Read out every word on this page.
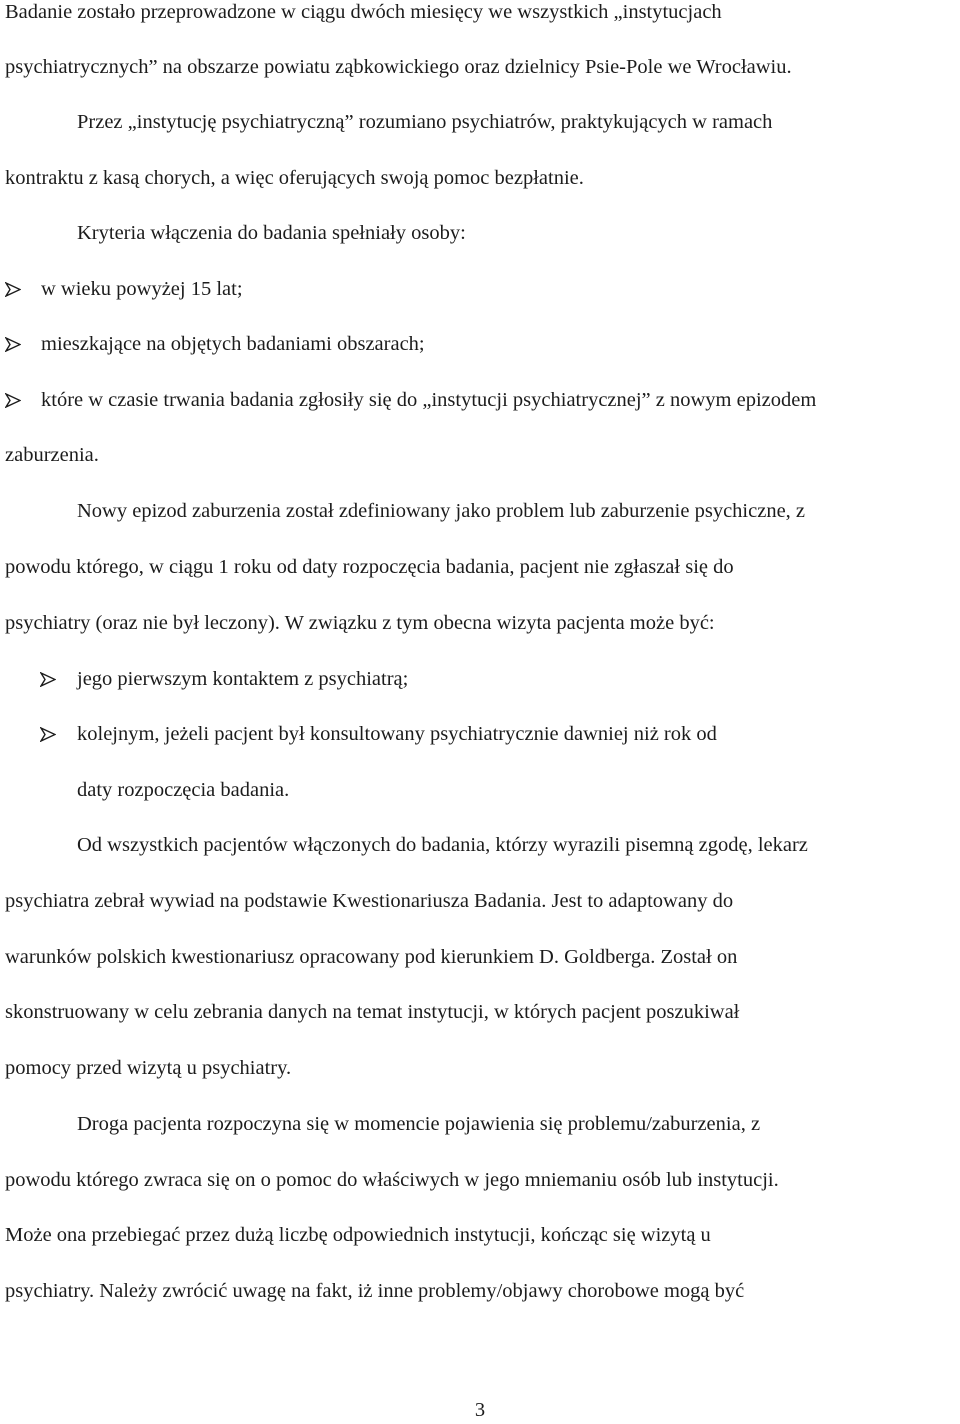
Badanie zostało przeprowadzone w ciągu dwóch miesięcy we wszystkich „instytucjach
psychiatrycznych” na obszarze powiatu ząbkowickiego oraz dzielnicy Psie-Pole we Wrocławiu.
Przez „instytucję psychiatryczną” rozumiano psychiatrów, praktykujących w ramach
kontraktu z kasą chorych, a więc oferujących swoją pomoc bezpłatnie.
Kryteria włączenia do badania spełniały osoby:
w wieku powyżej 15 lat;
mieszkające na objętych badaniami obszarach;
które w czasie trwania badania zgłosiły się do „instytucji psychiatrycznej” z nowym epizodem
zaburzenia.
Nowy epizod zaburzenia został zdefiniowany jako problem lub zaburzenie psychiczne, z
powodu którego, w ciągu 1 roku od daty rozpoczęcia badania, pacjent nie zgłaszał się do
psychiatry (oraz nie był leczony). W związku z tym obecna wizyta pacjenta może być:
jego pierwszym kontaktem z psychiatrą;
kolejnym, jeżeli pacjent był konsultowany psychiatrycznie dawniej niż rok od
daty rozpoczęcia badania.
Od wszystkich pacjentów włączonych do badania, którzy wyrazili pisemną zgodę, lekarz
psychiatra zebrał wywiad na podstawie Kwestionariusza Badania. Jest to adaptowany do
warunków polskich kwestionariusz opracowany pod kierunkiem D. Goldberga. Został on
skonstruowany w celu zebrania danych na temat instytucji, w których pacjent poszukiwał
pomocy przed wizytą u psychiatry.
Droga pacjenta rozpoczyna się w momencie pojawienia się problemu/zaburzenia, z
powodu którego zwraca się on o pomoc do właściwych w jego mniemaniu osób lub instytucji.
Może ona przebiegać przez dużą liczbę odpowiednich instytucji, kończąc się wizytą u
psychiatry. Należy zwrócić uwagę na fakt, iż inne problemy/objawy chorobowe mogą być
3
